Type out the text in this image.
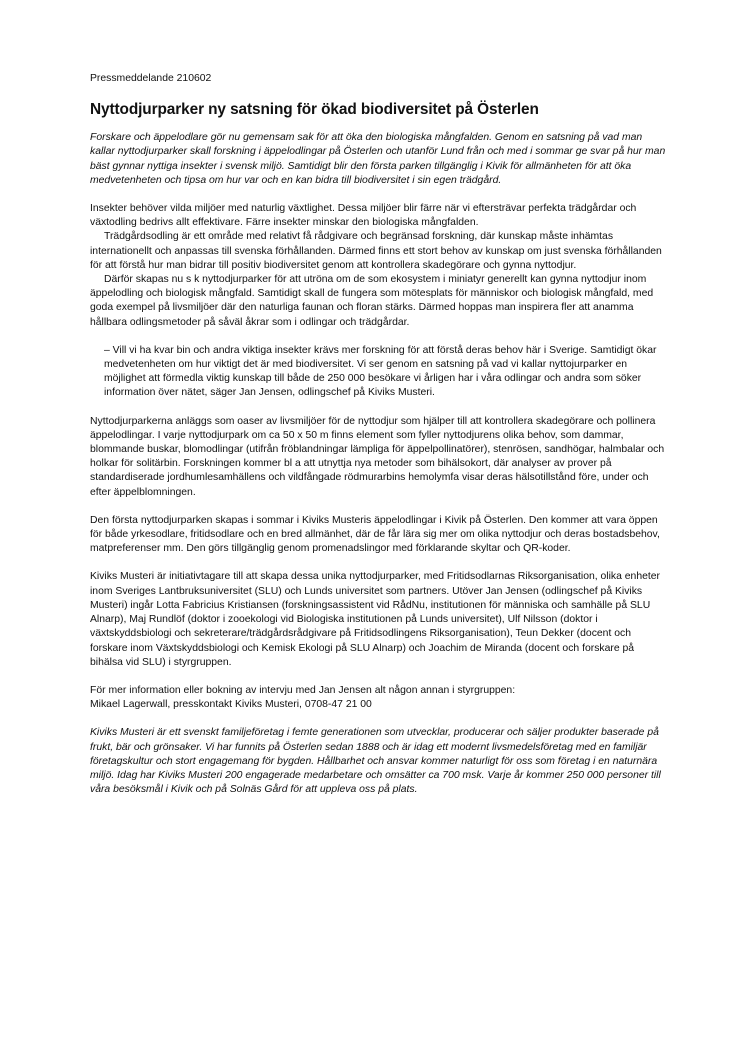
Pressmeddelande 210602

Nyttodjurparker ny satsning för ökad biodiversitet på Österlen

Forskare och äppelodlare gör nu gemensam sak för att öka den biologiska mångfalden. Genom en satsning på vad man kallar nyttodjurparker skall forskning i äppelodlingar på Österlen och utanför Lund från och med i sommar ge svar på hur man bäst gynnar nyttiga insekter i svensk miljö. Samtidigt blir den första parken tillgänglig i Kivik för allmänheten för att öka medvetenheten och tipsa om hur var och en kan bidra till biodiversitet i sin egen trädgård.

Insekter behöver vilda miljöer med naturlig växtlighet. Dessa miljöer blir färre när vi eftersträvar perfekta trädgårdar och växtodling bedrivs allt effektivare. Färre insekter minskar den biologiska mångfalden.

Trädgårdsodling är ett område med relativt få rådgivare och begränsad forskning, där kunskap måste inhämtas internationellt och anpassas till svenska förhållanden. Därmed finns ett stort behov av kunskap om just svenska förhållanden för att förstå hur man bidrar till positiv biodiversitet genom att kontrollera skadegörare och gynna nyttodjur.

Därför skapas nu s k nyttodjurparker för att utröna om de som ekosystem i miniatyr generellt kan gynna nyttodjur inom äppelodling och biologisk mångfald. Samtidigt skall de fungera som mötesplats för människor och biologisk mångfald, med goda exempel på livsmiljöer där den naturliga faunan och floran stärks. Därmed hoppas man inspirera fler att anamma hållbara odlingsmetoder på såväl åkrar som i odlingar och trädgårdar.

– Vill vi ha kvar bin och andra viktiga insekter krävs mer forskning för att förstå deras behov här i Sverige. Samtidigt ökar medvetenheten om hur viktigt det är med biodiversitet. Vi ser genom en satsning på vad vi kallar nyttojurparker en möjlighet att förmedla viktig kunskap till både de 250 000 besökare vi årligen har i våra odlingar och andra som söker information över nätet, säger Jan Jensen, odlingschef på Kiviks Musteri.

Nyttodjurparkerna anläggs som oaser av livsmiljöer för de nyttodjur som hjälper till att kontrollera skadegörare och pollinera äppelodlingar. I varje nyttodjurpark om ca 50 x 50 m finns element som fyller nyttodjurens olika behov, som dammar, blommande buskar, blomodlingar (utifrån fröblandningar lämpliga för äppelpollinatörer), stenrösen, sandhögar, halmbalar och holkar för solitärbin. Forskningen kommer bl a att utnyttja nya metoder som bihälsokort, där analyser av prover på standardiserade jordhumlesamhällens och vildfångade rödmurarbins hemolymfa visar deras hälsotillstånd före, under och efter äppelblomningen.

Den första nyttodjurparken skapas i sommar i Kiviks Musteris äppelodlingar i Kivik på Österlen. Den kommer att vara öppen för både yrkesodlare, fritidsodlare och en bred allmänhet, där de får lära sig mer om olika nyttodjur och deras bostadsbehov, matpreferenser mm. Den görs tillgänglig genom promenadslingor med förklarande skyltar och QR-koder.

Kiviks Musteri är initiativtagare till att skapa dessa unika nyttodjurparker, med Fritidsodlarnas Riksorganisation, olika enheter inom Sveriges Lantbruksuniversitet (SLU) och Lunds universitet som partners. Utöver Jan Jensen (odlingschef på Kiviks Musteri) ingår Lotta Fabricius Kristiansen (forskningsassistent vid RådNu, institutionen för människa och samhälle på SLU Alnarp), Maj Rundlöf (doktor i zooekologi vid Biologiska institutionen på Lunds universitet), Ulf Nilsson (doktor i växtskyddsbiologi och sekreterare/trädgårdsrådgivare på Fritidsodlingens Riksorganisation), Teun Dekker (docent och forskare inom Växtskyddsbiologi och Kemisk Ekologi på SLU Alnarp) och Joachim de Miranda (docent och forskare på bihälsa vid SLU) i styrgruppen.

För mer information eller bokning av intervju med Jan Jensen alt någon annan i styrgruppen:

Mikael Lagerwall, presskontakt Kiviks Musteri, 0708-47 21 00

Kiviks Musteri är ett svenskt familjeföretag i femte generationen som utvecklar, producerar och säljer produkter baserade på frukt, bär och grönsaker. Vi har funnits på Österlen sedan 1888 och är idag ett modernt livsmedelsföretag med en familjär företagskultur och stort engagemang för bygden. Hållbarhet och ansvar kommer naturligt för oss som företag i en naturnära miljö. Idag har Kiviks Musteri 200 engagerade medarbetare och omsätter ca 700 msk. Varje år kommer 250 000 personer till våra besöksmål i Kivik och på Solnäs Gård för att uppleva oss på plats.
